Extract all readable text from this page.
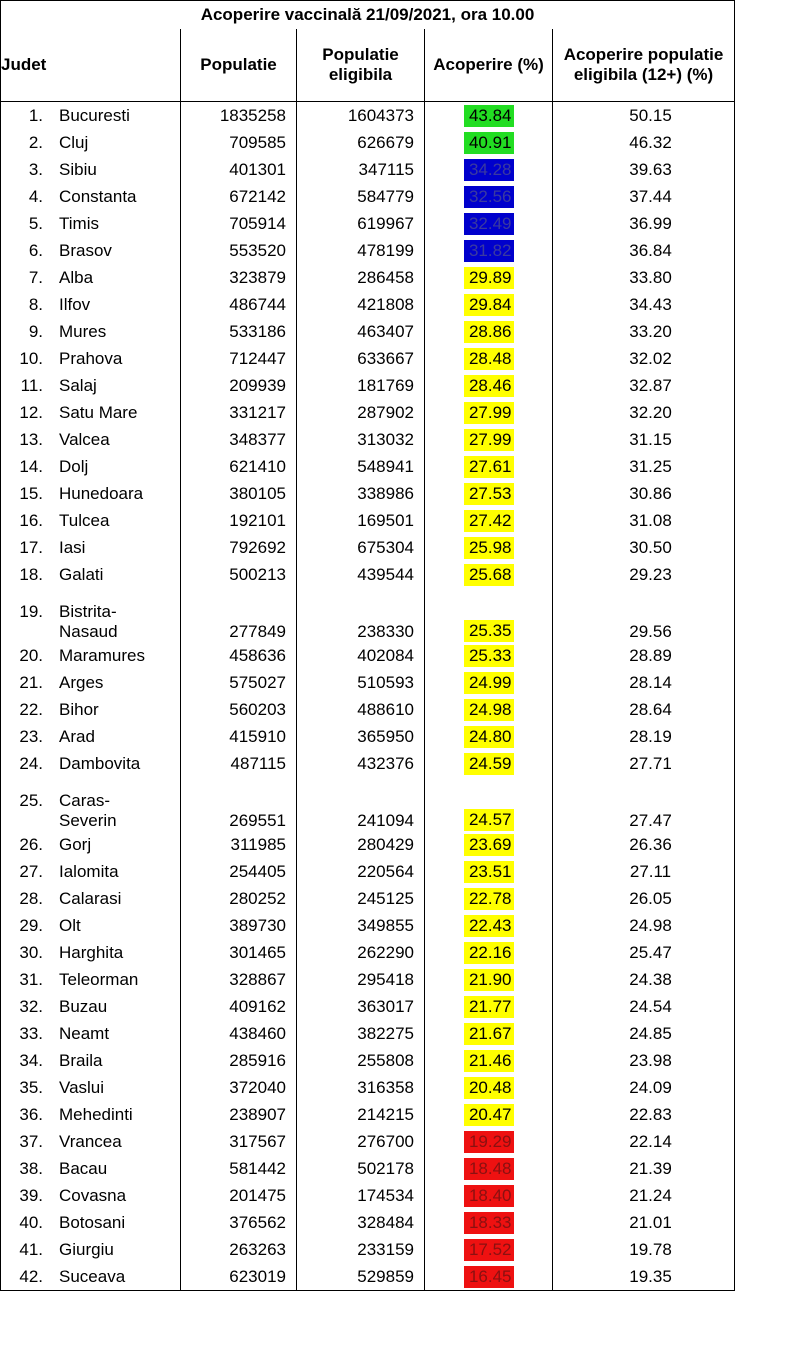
Acoperire vaccinală 21/09/2021, ora 10.00				
Judet	Populatie	Populatie eligibila	Acoperire (%)	Acoperire populatie eligibila (12+) (%)

1. Bucuresti	1835258	1604373	43.84	50.15

2. Cluj	709585	626679	40.91	46.32

3. Sibiu	401301	347115	34.28	39.63

4. Constanta	672142	584779	32.56	37.44

5. Timis	705914	619967	32.49	36.99

6. Brasov	553520	478199	31.82	36.84

7. Alba	323879	286458	29.89	33.80

8. Ilfov	486744	421808	29.84	34.43

9. Mures	533186	463407	28.86	33.20

10. Prahova	712447	633667	28.48	32.02

11. Salaj	209939	181769	28.46	32.87

12. Satu Mare	331217	287902	27.99	32.20

13. Valcea	348377	313032	27.99	31.15

14. Dolj	621410	548941	27.61	31.25

15. Hunedoara	380105	338986	27.53	30.86

16. Tulcea	192101	169501	27.42	31.08

17. Iasi	792692	675304	25.98	30.50

18. Galati	500213	439544	25.68	29.23

19. Bistrita-Nasaud	277849	238330	25.35	29.56

20. Maramures	458636	402084	25.33	28.89

21. Arges	575027	510593	24.99	28.14

22. Bihor	560203	488610	24.98	28.64

23. Arad	415910	365950	24.80	28.19

24. Dambovita	487115	432376	24.59	27.71

25. Caras-Severin	269551	241094	24.57	27.47

26. Gorj	311985	280429	23.69	26.36

27. Ialomita	254405	220564	23.51	27.11

28. Calarasi	280252	245125	22.78	26.05

29. Olt	389730	349855	22.43	24.98

30. Harghita	301465	262290	22.16	25.47

31. Teleorman	328867	295418	21.90	24.38

32. Buzau	409162	363017	21.77	24.54

33. Neamt	438460	382275	21.67	24.85

34. Braila	285916	255808	21.46	23.98

35. Vaslui	372040	316358	20.48	24.09

36. Mehedinti	238907	214215	20.47	22.83

37. Vrancea	317567	276700	19.29	22.14

38. Bacau	581442	502178	18.48	21.39

39. Covasna	201475	174534	18.40	21.24

40. Botosani	376562	328484	18.33	21.01

41. Giurgiu	263263	233159	17.52	19.78

42. Suceava	623019	529859	16.45	19.35
